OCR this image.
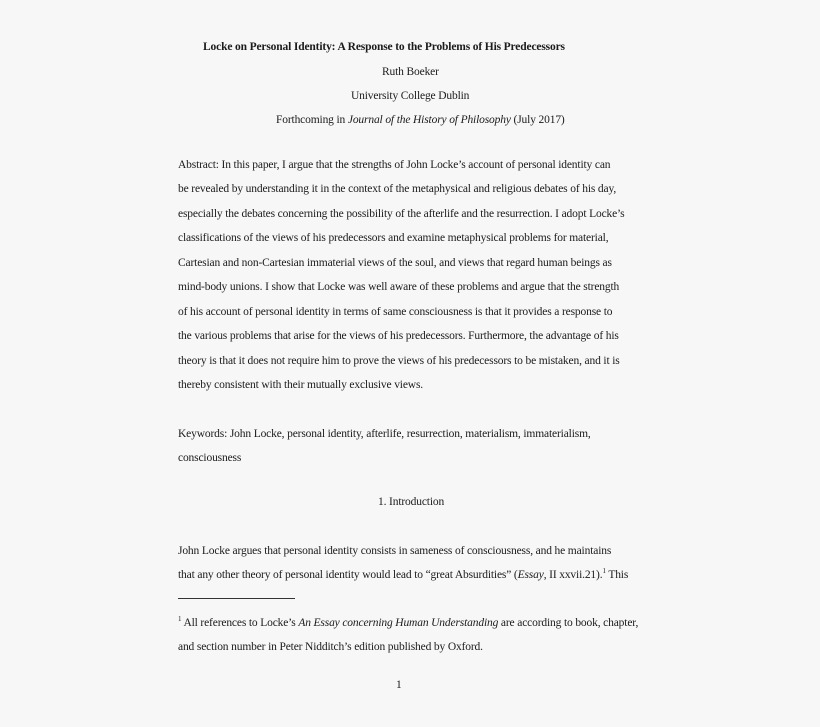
Locke on Personal Identity: A Response to the Problems of His Predecessors
Ruth Boeker
University College Dublin
Forthcoming in Journal of the History of Philosophy (July 2017)
Abstract: In this paper, I argue that the strengths of John Locke’s account of personal identity can
be revealed by understanding it in the context of the metaphysical and religious debates of his day,
especially the debates concerning the possibility of the afterlife and the resurrection. I adopt Locke’s
classifications of the views of his predecessors and examine metaphysical problems for material,
Cartesian and non-Cartesian immaterial views of the soul, and views that regard human beings as
mind-body unions. I show that Locke was well aware of these problems and argue that the strength
of his account of personal identity in terms of same consciousness is that it provides a response to
the various problems that arise for the views of his predecessors. Furthermore, the advantage of his
theory is that it does not require him to prove the views of his predecessors to be mistaken, and it is
thereby consistent with their mutually exclusive views.
Keywords: John Locke, personal identity, afterlife, resurrection, materialism, immaterialism,
consciousness
1. Introduction
John Locke argues that personal identity consists in sameness of consciousness, and he maintains
that any other theory of personal identity would lead to “great Absurdities” (Essay, II xxvii.21).$^1$ This
$^1$ All references to Locke’s An Essay concerning Human Understanding are according to book, chapter,
and section number in Peter Nidditch’s edition published by Oxford.
1
